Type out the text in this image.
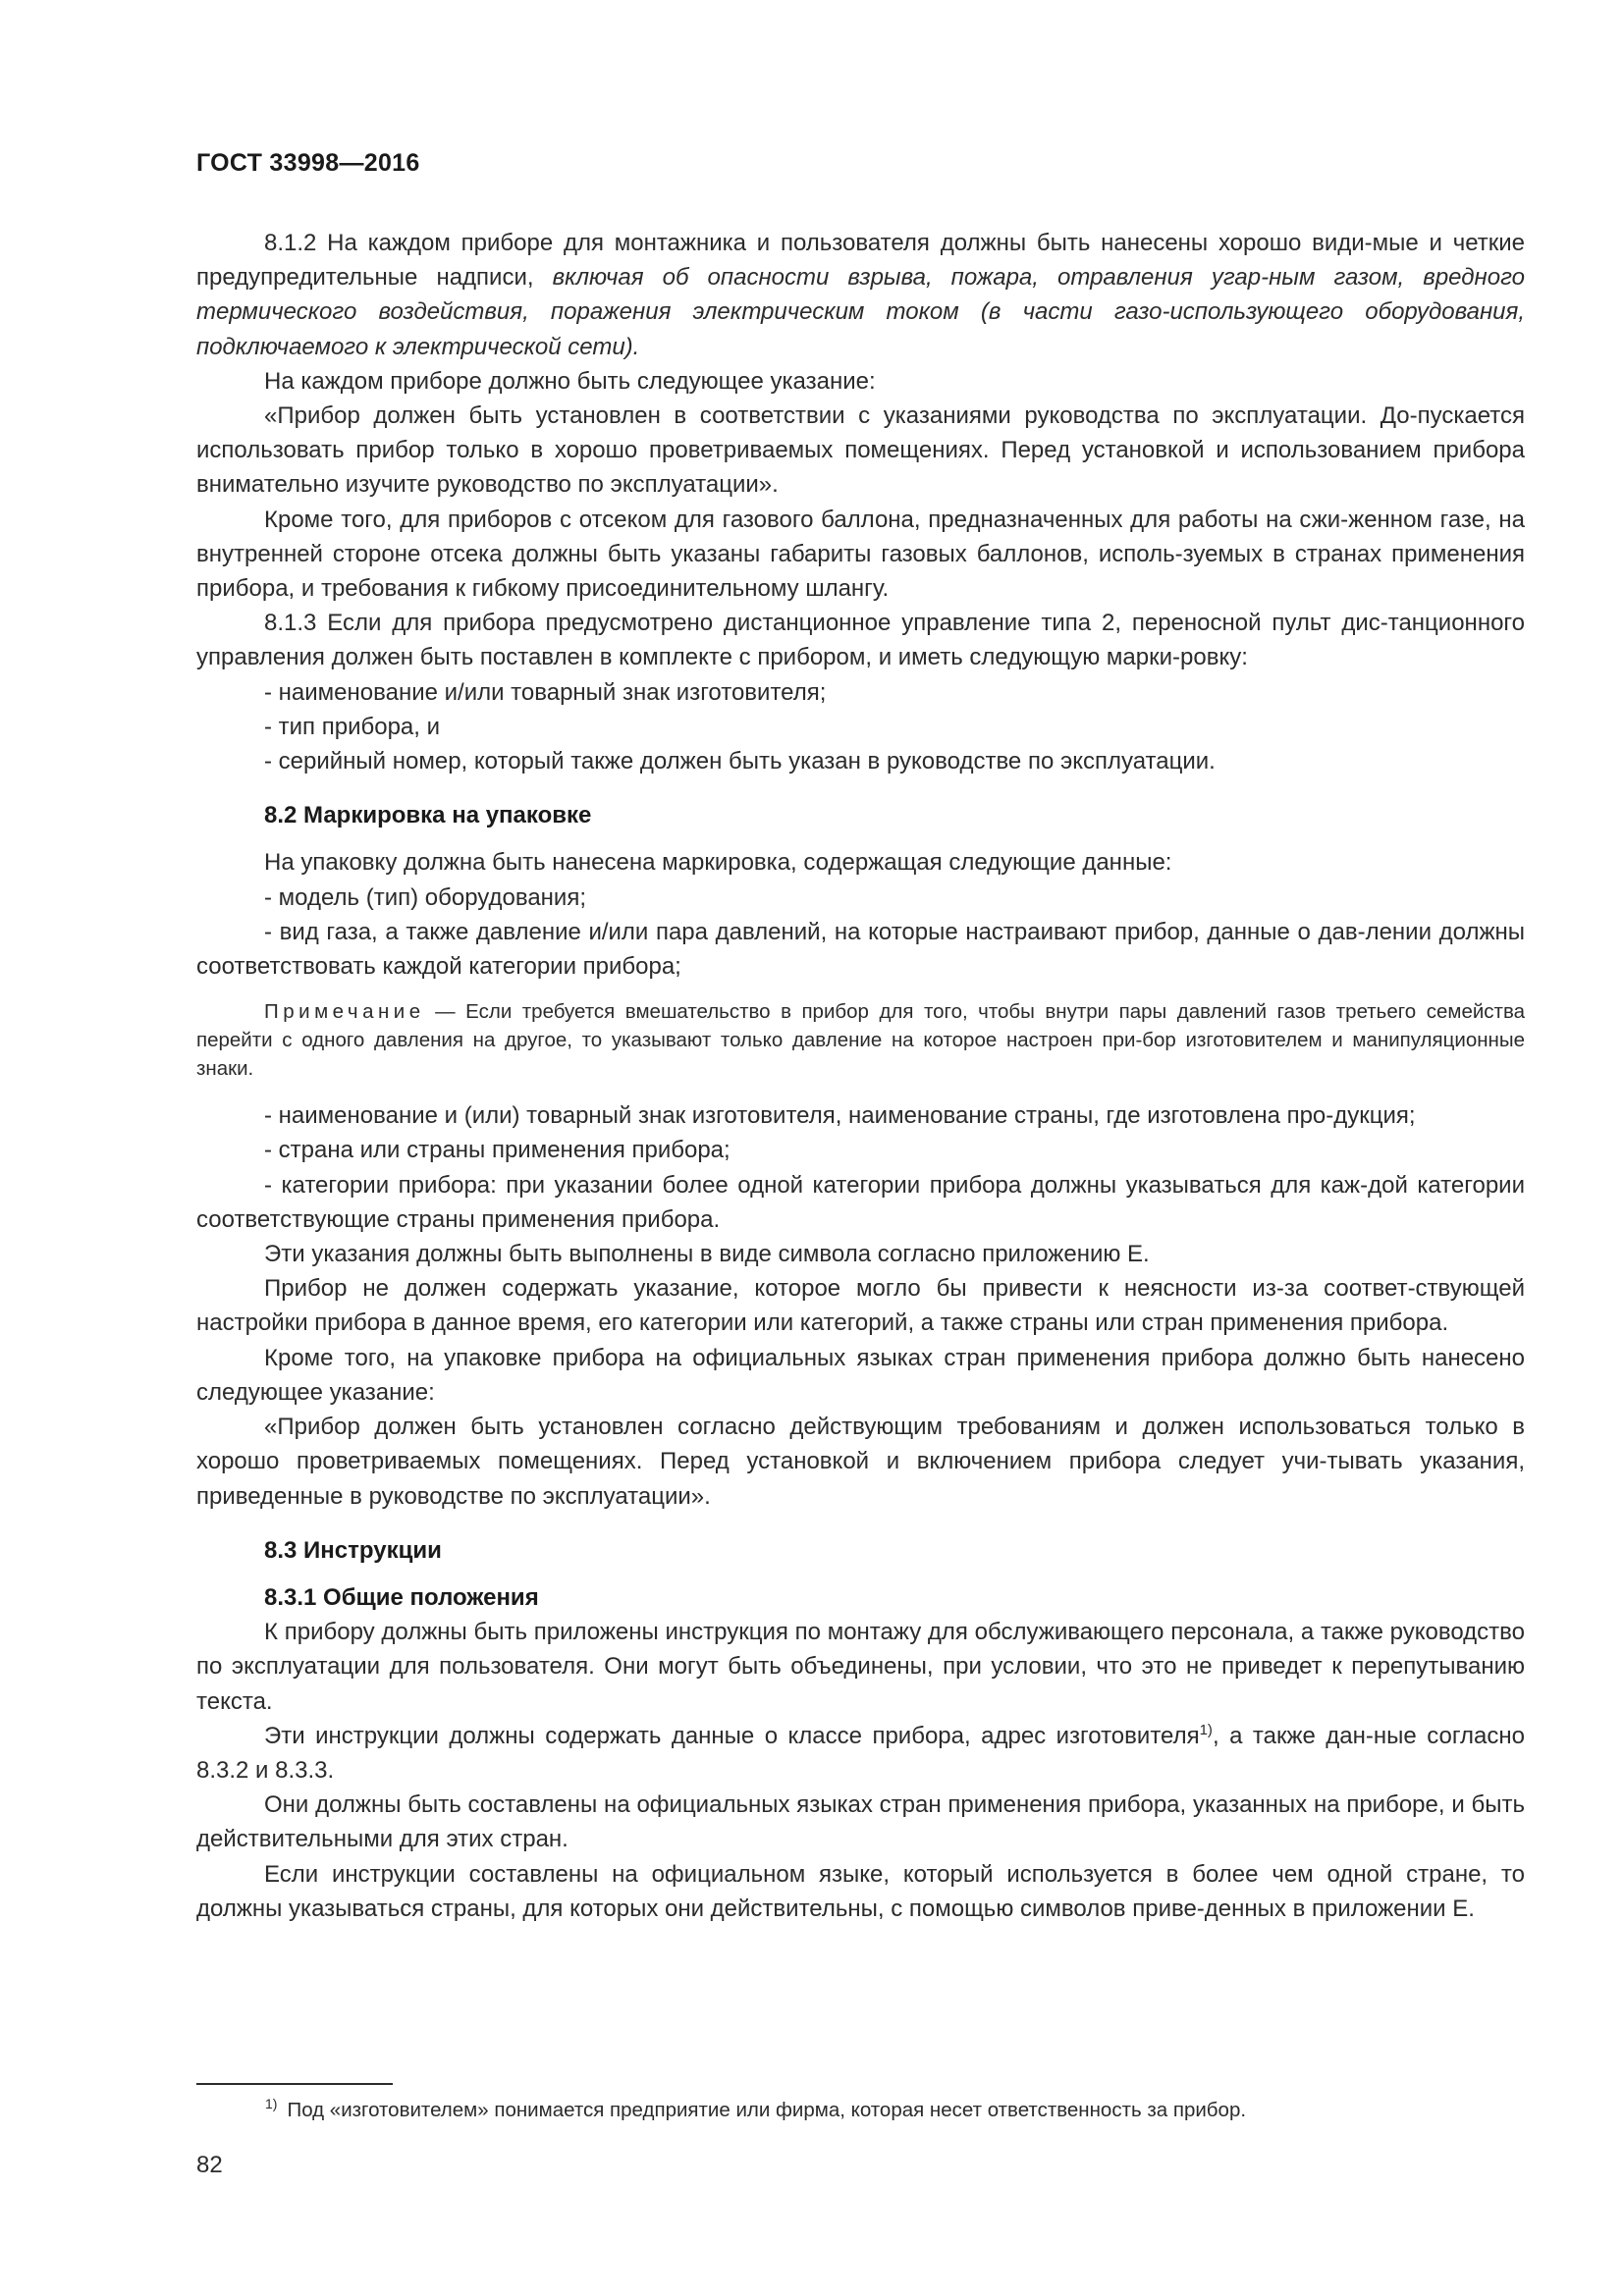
ГОСТ 33998—2016

8.1.2 На каждом приборе для монтажника и пользователя должны быть нанесены хорошо види-мые и четкие предупредительные надписи, включая об опасности взрыва, пожара, отравления угар-ным газом, вредного термического воздействия, поражения электрическим током (в части газо-использующего оборудования, подключаемого к электрической сети).

На каждом приборе должно быть следующее указание:

«Прибор должен быть установлен в соответствии с указаниями руководства по эксплуатации. До-пускается использовать прибор только в хорошо проветриваемых помещениях. Перед установкой и использованием прибора внимательно изучите руководство по эксплуатации».

Кроме того, для приборов с отсеком для газового баллона, предназначенных для работы на сжи-женном газе, на внутренней стороне отсека должны быть указаны габариты газовых баллонов, исполь-зуемых в странах применения прибора, и требования к гибкому присоединительному шлангу.

8.1.3 Если для прибора предусмотрено дистанционное управление типа 2, переносной пульт дис-танционного управления должен быть поставлен в комплекте с прибором, и иметь следующую марки-ровку:

- наименование и/или товарный знак изготовителя;

- тип прибора, и

- серийный номер, который также должен быть указан в руководстве по эксплуатации.

8.2 Маркировка на упаковке

На упаковку должна быть нанесена маркировка, содержащая следующие данные:

- модель (тип) оборудования;

- вид газа, а также давление и/или пара давлений, на которые настраивают прибор, данные о дав-лении должны соответствовать каждой категории прибора;

Примечание — Если требуется вмешательство в прибор для того, чтобы внутри пары давлений газов третьего семейства перейти с одного давления на другое, то указывают только давление на которое настроен при-бор изготовителем и манипуляционные знаки.

- наименование и (или) товарный знак изготовителя, наименование страны, где изготовлена про-дукция;

- страна или страны применения прибора;

- категории прибора: при указании более одной категории прибора должны указываться для каж-дой категории соответствующие страны применения прибора.

Эти указания должны быть выполнены в виде символа согласно приложению Е.

Прибор не должен содержать указание, которое могло бы привести к неясности из-за соответ-ствующей настройки прибора в данное время, его категории или категорий, а также страны или стран применения прибора.

Кроме того, на упаковке прибора на официальных языках стран применения прибора должно быть нанесено следующее указание:

«Прибор должен быть установлен согласно действующим требованиям и должен использоваться только в хорошо проветриваемых помещениях. Перед установкой и включением прибора следует учи-тывать указания, приведенные в руководстве по эксплуатации».

8.3 Инструкции

8.3.1 Общие положения

К прибору должны быть приложены инструкция по монтажу для обслуживающего персонала, а также руководство по эксплуатации для пользователя. Они могут быть объединены, при условии, что это не приведет к перепутыванию текста.

Эти инструкции должны содержать данные о классе прибора, адрес изготовителя$^{1)}$, а также дан-ные согласно 8.3.2 и 8.3.3.

Они должны быть составлены на официальных языках стран применения прибора, указанных на приборе, и быть действительными для этих стран.

Если инструкции составлены на официальном языке, который используется в более чем одной стране, то должны указываться страны, для которых они действительны, с помощью символов приве-денных в приложении Е.

$^{1)}$ Под «изготовителем» понимается предприятие или фирма, которая несет ответственность за прибор.
82
